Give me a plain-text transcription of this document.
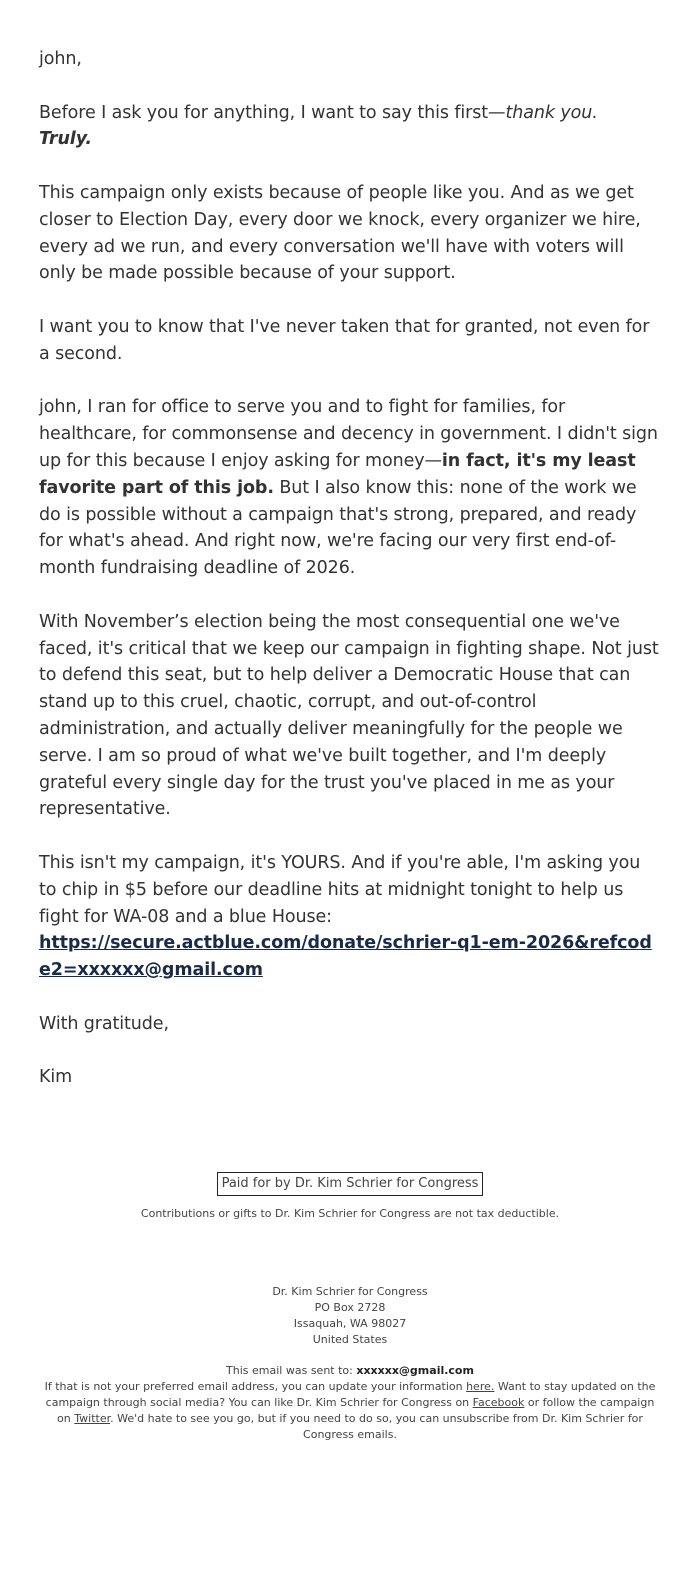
john,

Before I ask you for anything, I want to say this first—thank you.
Truly.

This campaign only exists because of people like you. And as we get closer to Election Day, every door we knock, every organizer we hire, every ad we run, and every conversation we'll have with voters will only be made possible because of your support.

I want you to know that I've never taken that for granted, not even for a second.

john, I ran for office to serve you and to fight for families, for healthcare, for commonsense and decency in government. I didn't sign up for this because I enjoy asking for money—in fact, it's my least favorite part of this job. But I also know this: none of the work we do is possible without a campaign that's strong, prepared, and ready for what's ahead. And right now, we're facing our very first end-of-month fundraising deadline of 2026.

With November’s election being the most consequential one we've faced, it's critical that we keep our campaign in fighting shape. Not just to defend this seat, but to help deliver a Democratic House that can stand up to this cruel, chaotic, corrupt, and out-of-control administration, and actually deliver meaningfully for the people we serve. I am so proud of what we've built together, and I'm deeply grateful every single day for the trust you've placed in me as your representative.

This isn't my campaign, it's YOURS. And if you're able, I'm asking you to chip in $5 before our deadline hits at midnight tonight to help us fight for WA-08 and a blue House:
https://secure.actblue.com/donate/schrier-q1-em-2026&refcode2=xxxxxx@gmail.com

With gratitude,

Kim

Paid for by Dr. Kim Schrier for Congress
Contributions or gifts to Dr. Kim Schrier for Congress are not tax deductible.
Dr. Kim Schrier for Congress
PO Box 2728
Issaquah, WA 98027
United States
This email was sent to: xxxxxx@gmail.com
If that is not your preferred email address, you can update your information here. Want to stay updated on the campaign through social media? You can like Dr. Kim Schrier for Congress on Facebook or follow the campaign on Twitter. We'd hate to see you go, but if you need to do so, you can unsubscribe from Dr. Kim Schrier for Congress emails.
